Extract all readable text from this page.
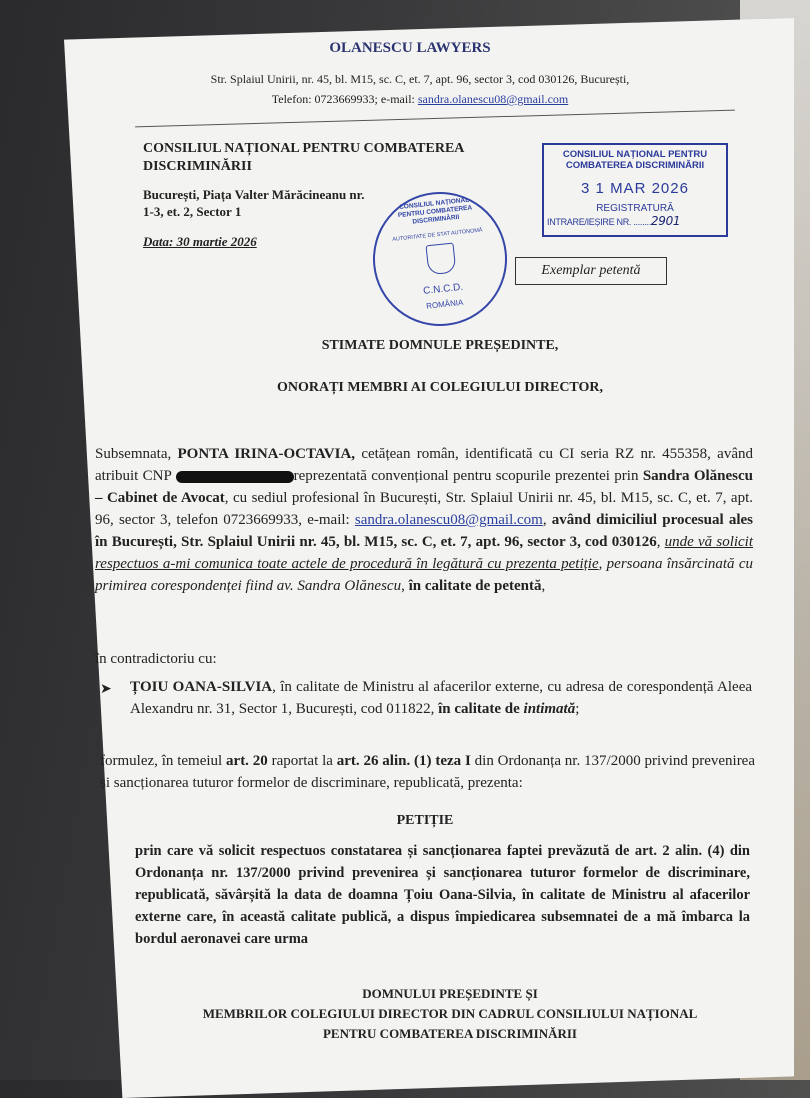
OLANESCU LAWYERS
Str. Splaiul Unirii, nr. 45, bl. M15, sc. C, et. 7, apt. 96, sector 3, cod 030126, București,
Telefon: 0723669933; e-mail: sandra.olanescu08@gmail.com
CONSILIUL NAȚIONAL PENTRU COMBATEREA DISCRIMINĂRII
București, Piața Valter Mărăcineanu nr. 1-3, et. 2, Sector 1
Data: 30 martie 2026
CONSILIUL NAȚIONAL PENTRU COMBATEREA DISCRIMINĂRII
3 1 MAR 2026
REGISTRATURĂ
INTRARE/IEȘIRE NR. ........2901
CONSILIUL NAȚIONAL PENTRU COMBATEREA DISCRIMINĂRII
AUTORITATE DE STAT AUTONOMĂ
C.N.C.D.
ROMÂNIA
Exemplar petentă
STIMATE DOMNULE PREȘEDINTE,
ONORAȚI MEMBRI AI COLEGIULUI DIRECTOR,
Subsemnata, PONTA IRINA-OCTAVIA, cetățean român, identificată cu CI seria RZ nr. 455358, având atribuit CNP	reprezentată convențional pentru scopurile prezentei prin Sandra Olănescu – Cabinet de Avocat, cu sediul profesional în București, Str. Splaiul Unirii nr. 45, bl. M15, sc. C, et. 7, apt. 96, sector 3, telefon 0723669933, e-mail: sandra.olanescu08@gmail.com, având dimiciliul procesual ales în București, Str. Splaiul Unirii nr. 45, bl. M15, sc. C, et. 7, apt. 96, sector 3, cod 030126, unde vă solicit respectuos a-mi comunica toate actele de procedură în legătură cu prezenta petiție, persoana însărcinată cu primirea corespondenței fiind av. Sandra Olănescu, în calitate de petentă,
în contradictoriu cu:
➤ ȚOIU OANA-SILVIA, în calitate de Ministru al afacerilor externe, cu adresa de corespondență Aleea Alexandru nr. 31, Sector 1, București, cod 011822, în calitate de intimată;
formulez, în temeiul art. 20 raportat la art. 26 alin. (1) teza I din Ordonanța nr. 137/2000 privind prevenirea și sancționarea tuturor formelor de discriminare, republicată, prezenta:
PETIȚIE
prin care vă solicit respectuos constatarea și sancționarea faptei prevăzută de art. 2 alin. (4) din Ordonanța nr. 137/2000 privind prevenirea și sancționarea tuturor formelor de discriminare, republicată, săvârșită la data de doamna Țoiu Oana-Silvia, în calitate de Ministru al afacerilor externe care, în această calitate publică, a dispus împiedicarea subsemnatei de a mă îmbarca la bordul aeronavei care urma
DOMNULUI PREȘEDINTE ȘI
MEMBRILOR COLEGIULUI DIRECTOR DIN CADRUL CONSILIULUI NAȚIONAL
PENTRU COMBATEREA DISCRIMINĂRII
